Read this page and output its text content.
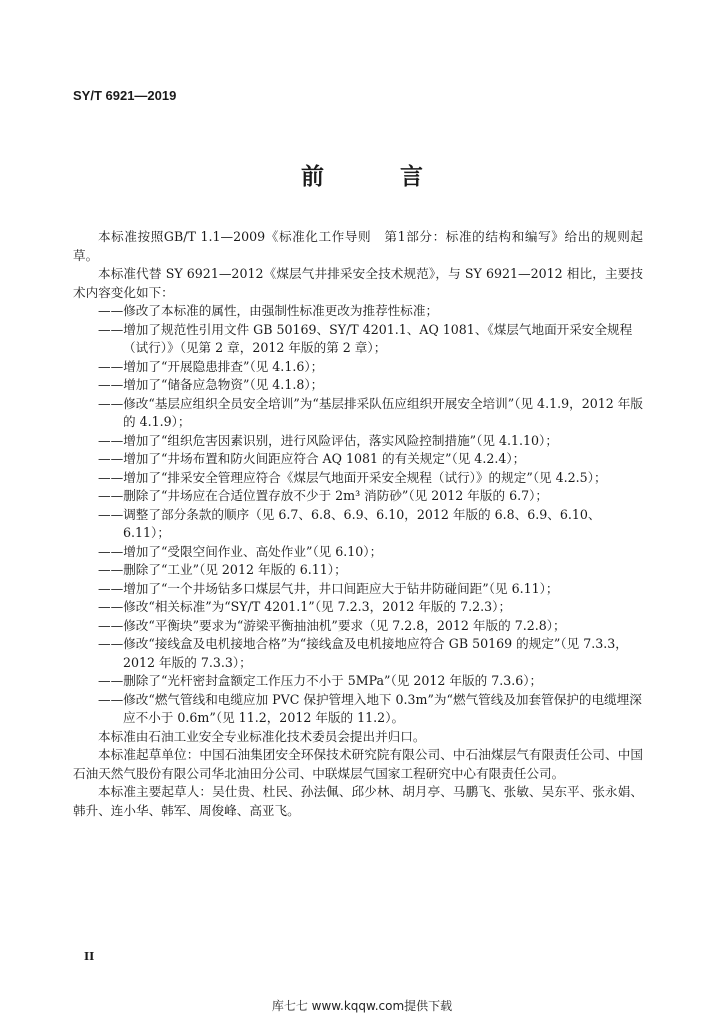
SY/T 6921—2019
前 言

本标准按照GB/T 1.1—2009《标准化工作导则　第1部分：标准的结构和编写》给出的规则起草。

本标准代替 SY 6921—2012《煤层气井排采安全技术规范》，与 SY 6921—2012 相比，主要技术内容变化如下：

——修改了本标准的属性，由强制性标准更改为推荐性标准；

——增加了规范性引用文件 GB 50169、SY/T 4201.1、AQ 1081、《煤层气地面开采安全规程（试行）》（见第 2 章，2012 年版的第 2 章）；

——增加了“开展隐患排查”（见 4.1.6）；

——增加了“储备应急物资”（见 4.1.8）；

——修改“基层应组织全员安全培训”为“基层排采队伍应组织开展安全培训”（见 4.1.9，2012 年版的 4.1.9）；

——增加了“组织危害因素识别，进行风险评估，落实风险控制措施”（见 4.1.10）；

——增加了“井场布置和防火间距应符合 AQ 1081 的有关规定”（见 4.2.4）；

——增加了“排采安全管理应符合《煤层气地面开采安全规程（试行）》的规定”（见 4.2.5）；

——删除了“井场应在合适位置存放不少于 2m³ 消防砂”（见 2012 年版的 6.7）；

——调整了部分条款的顺序（见 6.7、6.8、6.9、6.10，2012 年版的 6.8、6.9、6.10、6.11）；

——增加了“受限空间作业、高处作业”（见 6.10）；

——删除了“工业”（见 2012 年版的 6.11）；

——增加了“一个井场钻多口煤层气井，井口间距应大于钻井防碰间距”（见 6.11）；

——修改“相关标准”为“SY/T 4201.1”（见 7.2.3，2012 年版的 7.2.3）；

——修改“平衡块”要求为“游梁平衡抽油机”要求（见 7.2.8，2012 年版的 7.2.8）；

——修改“接线盒及电机接地合格”为“接线盒及电机接地应符合 GB 50169 的规定”（见 7.3.3，2012 年版的 7.3.3）；

——删除了“光杆密封盒额定工作压力不小于 5MPa”（见 2012 年版的 7.3.6）；

——修改“燃气管线和电缆应加 PVC 保护管埋入地下 0.3m”为“燃气管线及加套管保护的电缆埋深应不小于 0.6m”（见 11.2，2012 年版的 11.2）。

本标准由石油工业安全专业标准化技术委员会提出并归口。

本标准起草单位：中国石油集团安全环保技术研究院有限公司、中石油煤层气有限责任公司、中国石油天然气股份有限公司华北油田分公司、中联煤层气国家工程研究中心有限责任公司。

本标准主要起草人：吴仕贵、杜民、孙法佩、邱少林、胡月亭、马鹏飞、张敏、吴东平、张永娟、韩升、连小华、韩军、周俊峰、高亚飞。

II
库七七 www.kqqw.com提供下载
